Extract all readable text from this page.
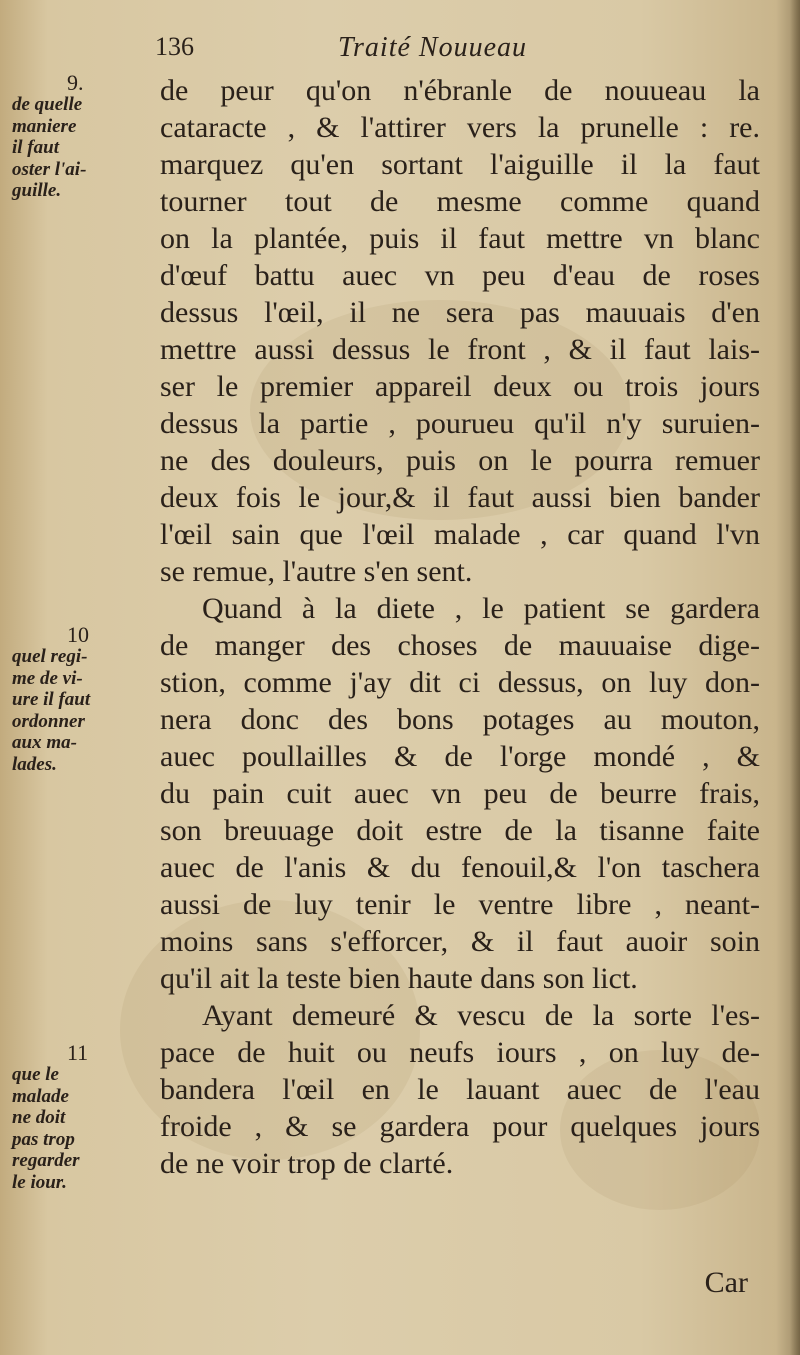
136	Traité Nouueau
9.
de quelle
maniere
il faut
oster l'ai-
guille.
10
quel regi-
me de vi-
ure il faut
ordonner
aux ma-
lades.
11
que le
malade
ne doit
pas trop
regarder
le iour.
de peur qu'on n'ébranle de nouueau la
cataracte , & l'attirer vers la prunelle : re.
marquez qu'en sortant l'aiguille il la faut
tourner tout de mesme comme quand
on la plantée, puis il faut mettre vn blanc
d'œuf battu auec vn peu d'eau de roses
dessus l'œil, il ne sera pas mauuais d'en
mettre aussi dessus le front , & il faut lais-
ser le premier appareil deux ou trois jours
dessus la partie , pourueu qu'il n'y suruien-
ne des douleurs, puis on le pourra remuer
deux fois le jour,& il faut aussi bien bander
l'œil sain que l'œil malade , car quand l'vn
se remue, l'autre s'en sent.
Quand à la diete , le patient se gardera
de manger des choses de mauuaise dige-
stion, comme j'ay dit ci dessus, on luy don-
nera donc des bons potages au mouton,
auec poullailles & de l'orge mondé , &
du pain cuit auec vn peu de beurre frais,
son breuuage doit estre de la tisanne faite
auec de l'anis & du fenouil,& l'on taschera
aussi de luy tenir le ventre libre , neant-
moins sans s'efforcer, & il faut auoir soin
qu'il ait la teste bien haute dans son lict.
Ayant demeuré & vescu de la sorte l'es-
pace de huit ou neufs iours , on luy de-
bandera l'œil en le lauant auec de l'eau
froide , & se gardera pour quelques jours
de ne voir trop de clarté.
Car
